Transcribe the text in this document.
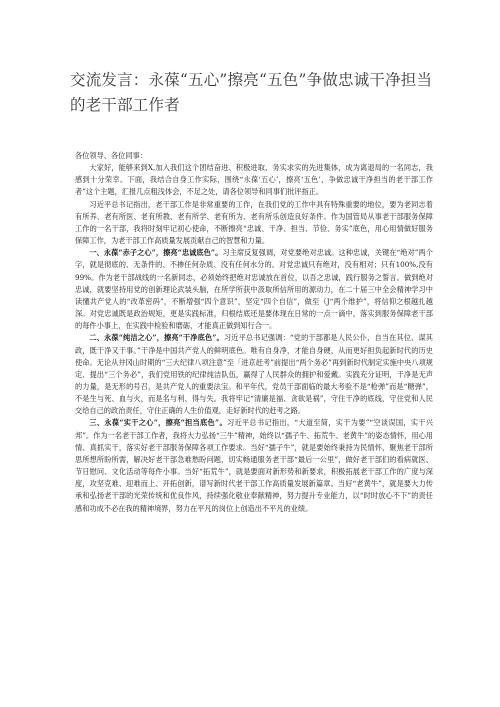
交流发言：永葆“五心”擦亮“五色”争做忠诚干净担当的老干部工作者

各位领导、各位同事：

大家好，能够来到X,加入我们这个团结奋进、积极进取、务实求实的先进集体，成为离退局的一名同志，我感到十分荣幸。下面，我结合自身工作实际，围绕“永葆‘五心’，擦亮‘五色’，争做忠诚干净担当的老干部工作者”这个主题，汇报几点粗浅体会，不足之处，请各位领导和同事们批评指正。

习近平总书记指出，老干部工作是非常重要的工作，在我们党的工作中具有特殊重要的地位，要为老同志着有所养、老有所医、老有所教、老有所学、老有所为、老有所乐创造良好条件。作为国管局从事老干部服务保障工作的一名干部，我将时刻牢记初心使命，不断擦亮“忠诚、干净、担当、节俭、务实”底色，用心用情做好服务保障工作，为老干部工作高质量发展贡献自己的智慧和力量。

一、永葆“赤子之心”，擦亮“忠诚底色”。习主席反复强调，对党要绝对忠诚。这种忠诚，关键在“绝对”两个字，就是彻底的、无条件的、不掺任何杂质、没有任何水分的。对党忠诚只有绝对，没有相对；只有100%,没有99%。作为老干部战线的一名新同志，必须始终把绝对忠诚放在首位，以吾之忠诚，践行服务之誓言。做到绝对忠诚，就要坚持用党的创新理论武装头脑，在所学所获中汲取所信所用的源动力，在二十届三中全会精神学习中读懂共产党人的“改革密码”，不断增强“四个意识”，坚定“四个自信”，做至（J“两个维护”，将信仰之根越扎越深。对党忠诚既是政治规矩，更是实践标准，归根结底还是要体现在日常的一点一滴中，落实到服务保障老干部的每件小事上，在实践中检验和磨砺，才能真正做到知行合一。

二、永葆“纯洁之心”，擦亮“干净底色”。习近平总书记强调：“党的干部都是人民公仆，自当在其位、谋其政，既干净又干事。”干净是中国共产党人的鲜明底色。唯有自身净，才能自身硬，从而更好担负起新时代的历史使命。无论从井冈山时期的“三大纪律八项注意”至「进京赶考”前提出“两个务必”再到新时代制定实施中央八项规定、提出“三个务必”，我们党用铁的纪律纯洁队伍，赢得了人民群众的拥护和爱戴。实践充分证明，干净是无声的力量，是无形的号召，是共产党人的重要法宝。和平年代，党员干部面临的最大考验不是“枪弹”而是“糖弹”，不是生与死、血与火，而是名与利、得与失。我将牢记“清廉是福、贪欲是祸”，守住干净的底线，守住党和人民交给自己的政治责任，守住正确的人生价值观，走好新时代的赶考之路。

三、永葆“实干之心”，擦亮“担当底色”。习近平总书记指出，“大道至简，实干为要”“空谈误国，实干兴邦”。作为一名老干部工作者，我将大力弘扬“三牛”精神，始终以“孺子牛、拓荒牛、老黄牛”的姿态情怀，用心用情、真抓实干，落实好老干部服务保障各项工作要求。当好“孺子牛”，就是要始终秉持为民情怀，聚焦老干部所思所想所盼所需，解决好老干部急难愁盼问题，切实畅通服务老干部“最后一公里”，做好老干部们的看病就医、节日慰问、文化活动等每件小事。当好“拓荒牛”，就是要面对新形势和新要求，积极拓展老干部工作的广度与深度，攻坚克难、迎难而上、开拓创新，谱写新时代老干部工作高质量发展新篇章。当好“老黄牛”，就是要大力传承和弘扬老干部的光荣传统和优良作风，持续强化敬业奉献精神，努力提升专业能力，以“时时放心不下”的责任感和功成不必在我的精神境界，努力在平凡的岗位上创造出不平凡的业绩。
